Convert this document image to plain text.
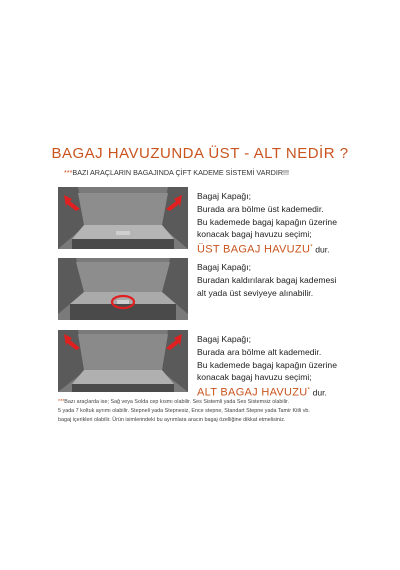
BAGAJ HAVUZUNDA ÜST - ALT NEDİR ?
***BAZI ARAÇLARIN BAGAJINDA ÇİFT KADEME SİSTEMİ VARDIR!!!
Bagaj Kapağı;
Burada ara bölme üst kademedir.
Bu kademede bagaj kapağın üzerine
konacak bagaj havuzu seçimi;
ÜST BAGAJ HAVUZU* dur.
Bagaj Kapağı;
Buradan kaldırılarak bagaj kademesi
alt yada üst seviyeye alınabilir.
Bagaj Kapağı;
Burada ara bölme alt kademedir.
Bu kademede bagaj kapağın üzerine
konacak bagaj havuzu seçimi;
ALT BAGAJ HAVUZU* dur.
***Bazı araçlarda ise; Sağ veya Solda cep kısmı olabilir. Ses Sistemli yada Ses Sistemsiz olabilir.
5 yada 7 koltuk ayrımı olabilir. Stepneli yada Stepnesiz, Ence stepne, Standart Stepne yada Tamir Kitli vb.
bagaj içerikleri olabilir. Ürün isimlerindeki bu ayrımlara aracın bagaj özelliğine dikkat etmelisiniz.
